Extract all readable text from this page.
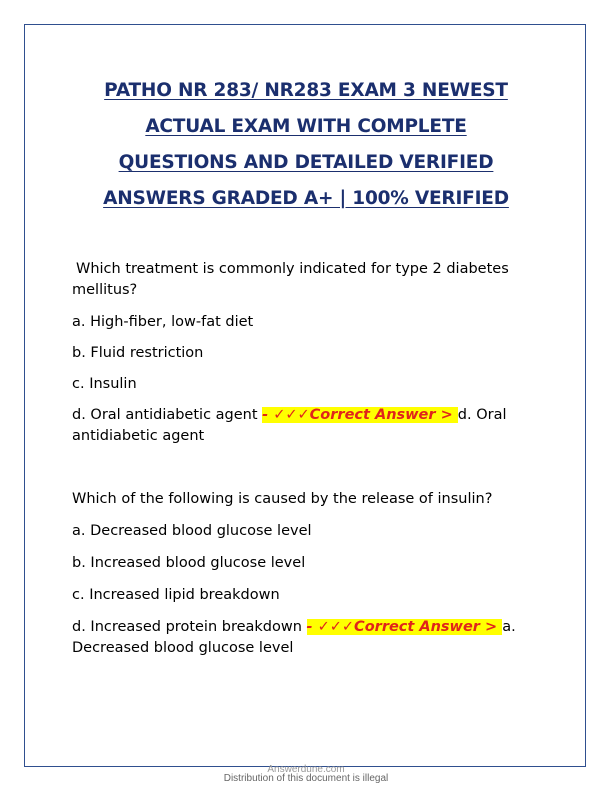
PATHO NR 283/ NR283 EXAM 3 NEWEST
ACTUAL EXAM WITH COMPLETE
QUESTIONS AND DETAILED VERIFIED
ANSWERS GRADED A+ | 100% VERIFIED

Which treatment is commonly indicated for type 2 diabetes mellitus?

a. High-fiber, low-fat diet

b. Fluid restriction

c. Insulin

d. Oral antidiabetic agent - ✓✓✓Correct Answer > d. Oral antidiabetic agent

Which of the following is caused by the release of insulin?

a. Decreased blood glucose level

b. Increased blood glucose level

c. Increased lipid breakdown

d. Increased protein breakdown - ✓✓✓Correct Answer > a. Decreased blood glucose level

Answerdune.com
Distribution of this document is illegal
